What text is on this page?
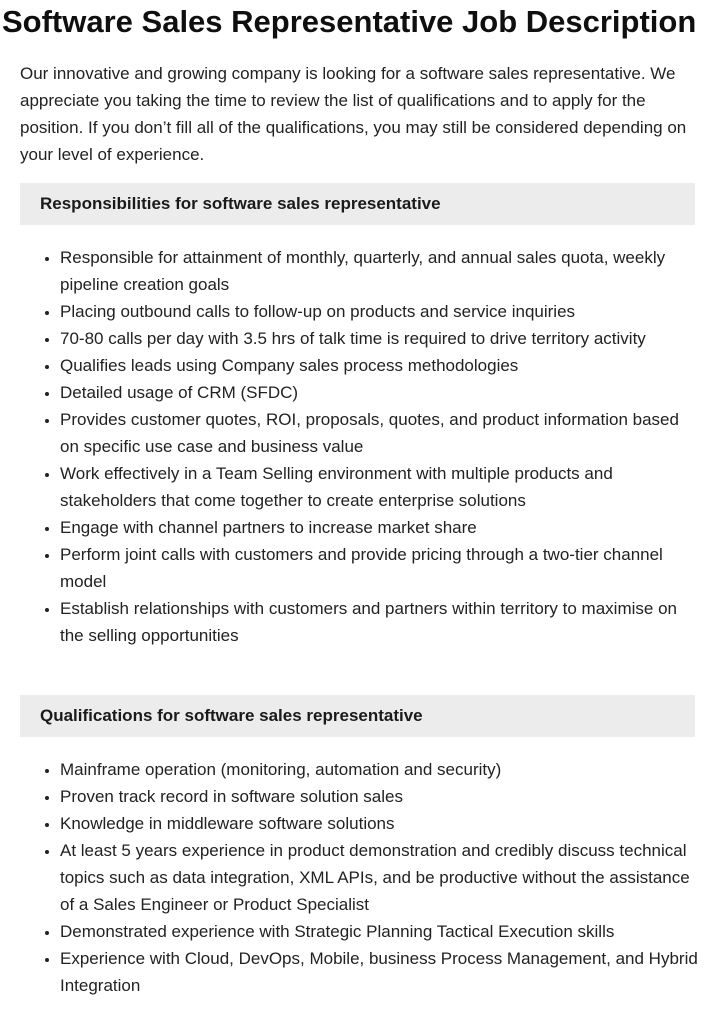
Software Sales Representative Job Description

Our innovative and growing company is looking for a software sales representative. We appreciate you taking the time to review the list of qualifications and to apply for the position. If you don’t fill all of the qualifications, you may still be considered depending on your level of experience.

Responsibilities for software sales representative
• Responsible for attainment of monthly, quarterly, and annual sales quota, weekly pipeline creation goals
• Placing outbound calls to follow-up on products and service inquiries
• 70-80 calls per day with 3.5 hrs of talk time is required to drive territory activity
• Qualifies leads using Company sales process methodologies
• Detailed usage of CRM (SFDC)
• Provides customer quotes, ROI, proposals, quotes, and product information based on specific use case and business value
• Work effectively in a Team Selling environment with multiple products and stakeholders that come together to create enterprise solutions
• Engage with channel partners to increase market share
• Perform joint calls with customers and provide pricing through a two-tier channel model
• Establish relationships with customers and partners within territory to maximise on the selling opportunities
Qualifications for software sales representative
• Mainframe operation (monitoring, automation and security)
• Proven track record in software solution sales
• Knowledge in middleware software solutions
• At least 5 years experience in product demonstration and credibly discuss technical topics such as data integration, XML APIs, and be productive without the assistance of a Sales Engineer or Product Specialist
• Demonstrated experience with Strategic Planning Tactical Execution skills
• Experience with Cloud, DevOps, Mobile, business Process Management, and Hybrid Integration
